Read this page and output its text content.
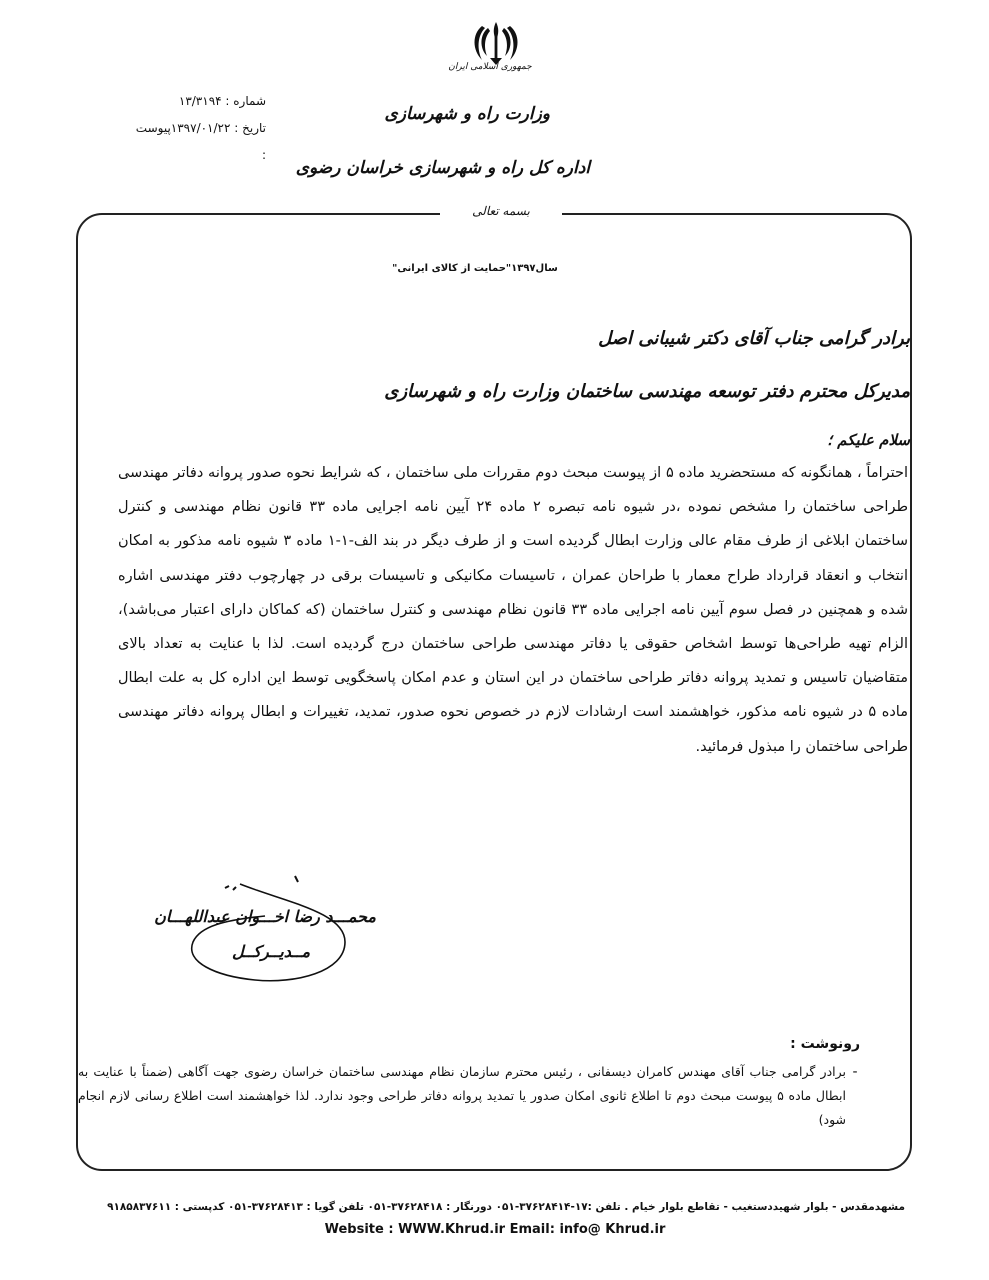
جمهوری اسلامی ایران
وزارت راه و شهرسازی
اداره کل راه و شهرسازی خراسان رضوی
شماره : ۱۳/۳۱۹۴
تاریخ : ۱۳۹۷/۰۱/۲۲پیوست
:
بسمه تعالی
سال۱۳۹۷"حمایت از کالای ایرانی"
برادر گرامی جناب آقای دکتر شیبانی اصل
مدیرکل محترم دفتر توسعه مهندسی ساختمان وزارت راه و شهرسازی
سلام علیکم ؛
احتراماً ، همانگونه که مستحضرید ماده ۵ از پیوست مبحث دوم مقررات ملی ساختمان ، که شرایط نحوه صدور پروانه دفاتر مهندسی طراحی ساختمان را مشخص نموده ،در شیوه نامه تبصره ۲ ماده ۲۴ آیین نامه اجرایی ماده ۳۳ قانون نظام مهندسی و کنترل ساختمان ابلاغی از طرف مقام عالی وزارت ابطال گردیده است و از طرف دیگر در بند الف-۱-۱ ماده ۳ شیوه نامه مذکور به امکان انتخاب و انعقاد قرارداد طراح معمار با طراحان عمران ، تاسیسات مکانیکی و تاسیسات برقی در چهارچوب دفتر مهندسی اشاره شده و همچنین در فصل سوم آیین نامه اجرایی ماده ۳۳ قانون نظام مهندسی و کنترل ساختمان (که کماکان دارای اعتبار می‌باشد)، الزام تهیه طراحی‌ها توسط اشخاص حقوقی یا دفاتر مهندسی طراحی ساختمان درج گردیده است. لذا با عنایت به تعداد بالای متقاضیان تاسیس و تمدید پروانه دفاتر طراحی ساختمان در این استان و عدم امکان پاسخگویی توسط این اداره کل به علت ابطال ماده ۵ در شیوه نامه مذکور، خواهشمند است ارشادات لازم در خصوص نحوه صدور، تمدید، تغییرات و ابطال پروانه دفاتر مهندسی طراحی ساختمان را مبذول فرمائید.
محمـــد رضا اخـــوان عبداللهـــان
مــدیــرکــل
رونوشت :
-
برادر گرامی جناب آقای مهندس کامران دیسفانی ، رئیس محترم سازمان نظام مهندسی ساختمان خراسان رضوی جهت آگاهی (ضمناً با عنایت به ابطال ماده ۵ پیوست مبحث دوم تا اطلاع ثانوی امکان صدور یا تمدید پروانه دفاتر طراحی وجود ندارد. لذا خواهشمند است اطلاع رسانی لازم انجام شود)
مشهدمقدس - بلوار شهیددستغیب - تقاطع بلوار خیام . تلفن :۱۷-۳۷۶۲۸۴۱۴-۰۵۱ دورنگار : ۳۷۶۲۸۴۱۸-۰۵۱ تلفن گویا : ۳۷۶۲۸۴۱۳-۰۵۱ کدپستی : ۹۱۸۵۸۳۷۶۱۱
Website : WWW.Khrud.ir Email: info@ Khrud.ir
